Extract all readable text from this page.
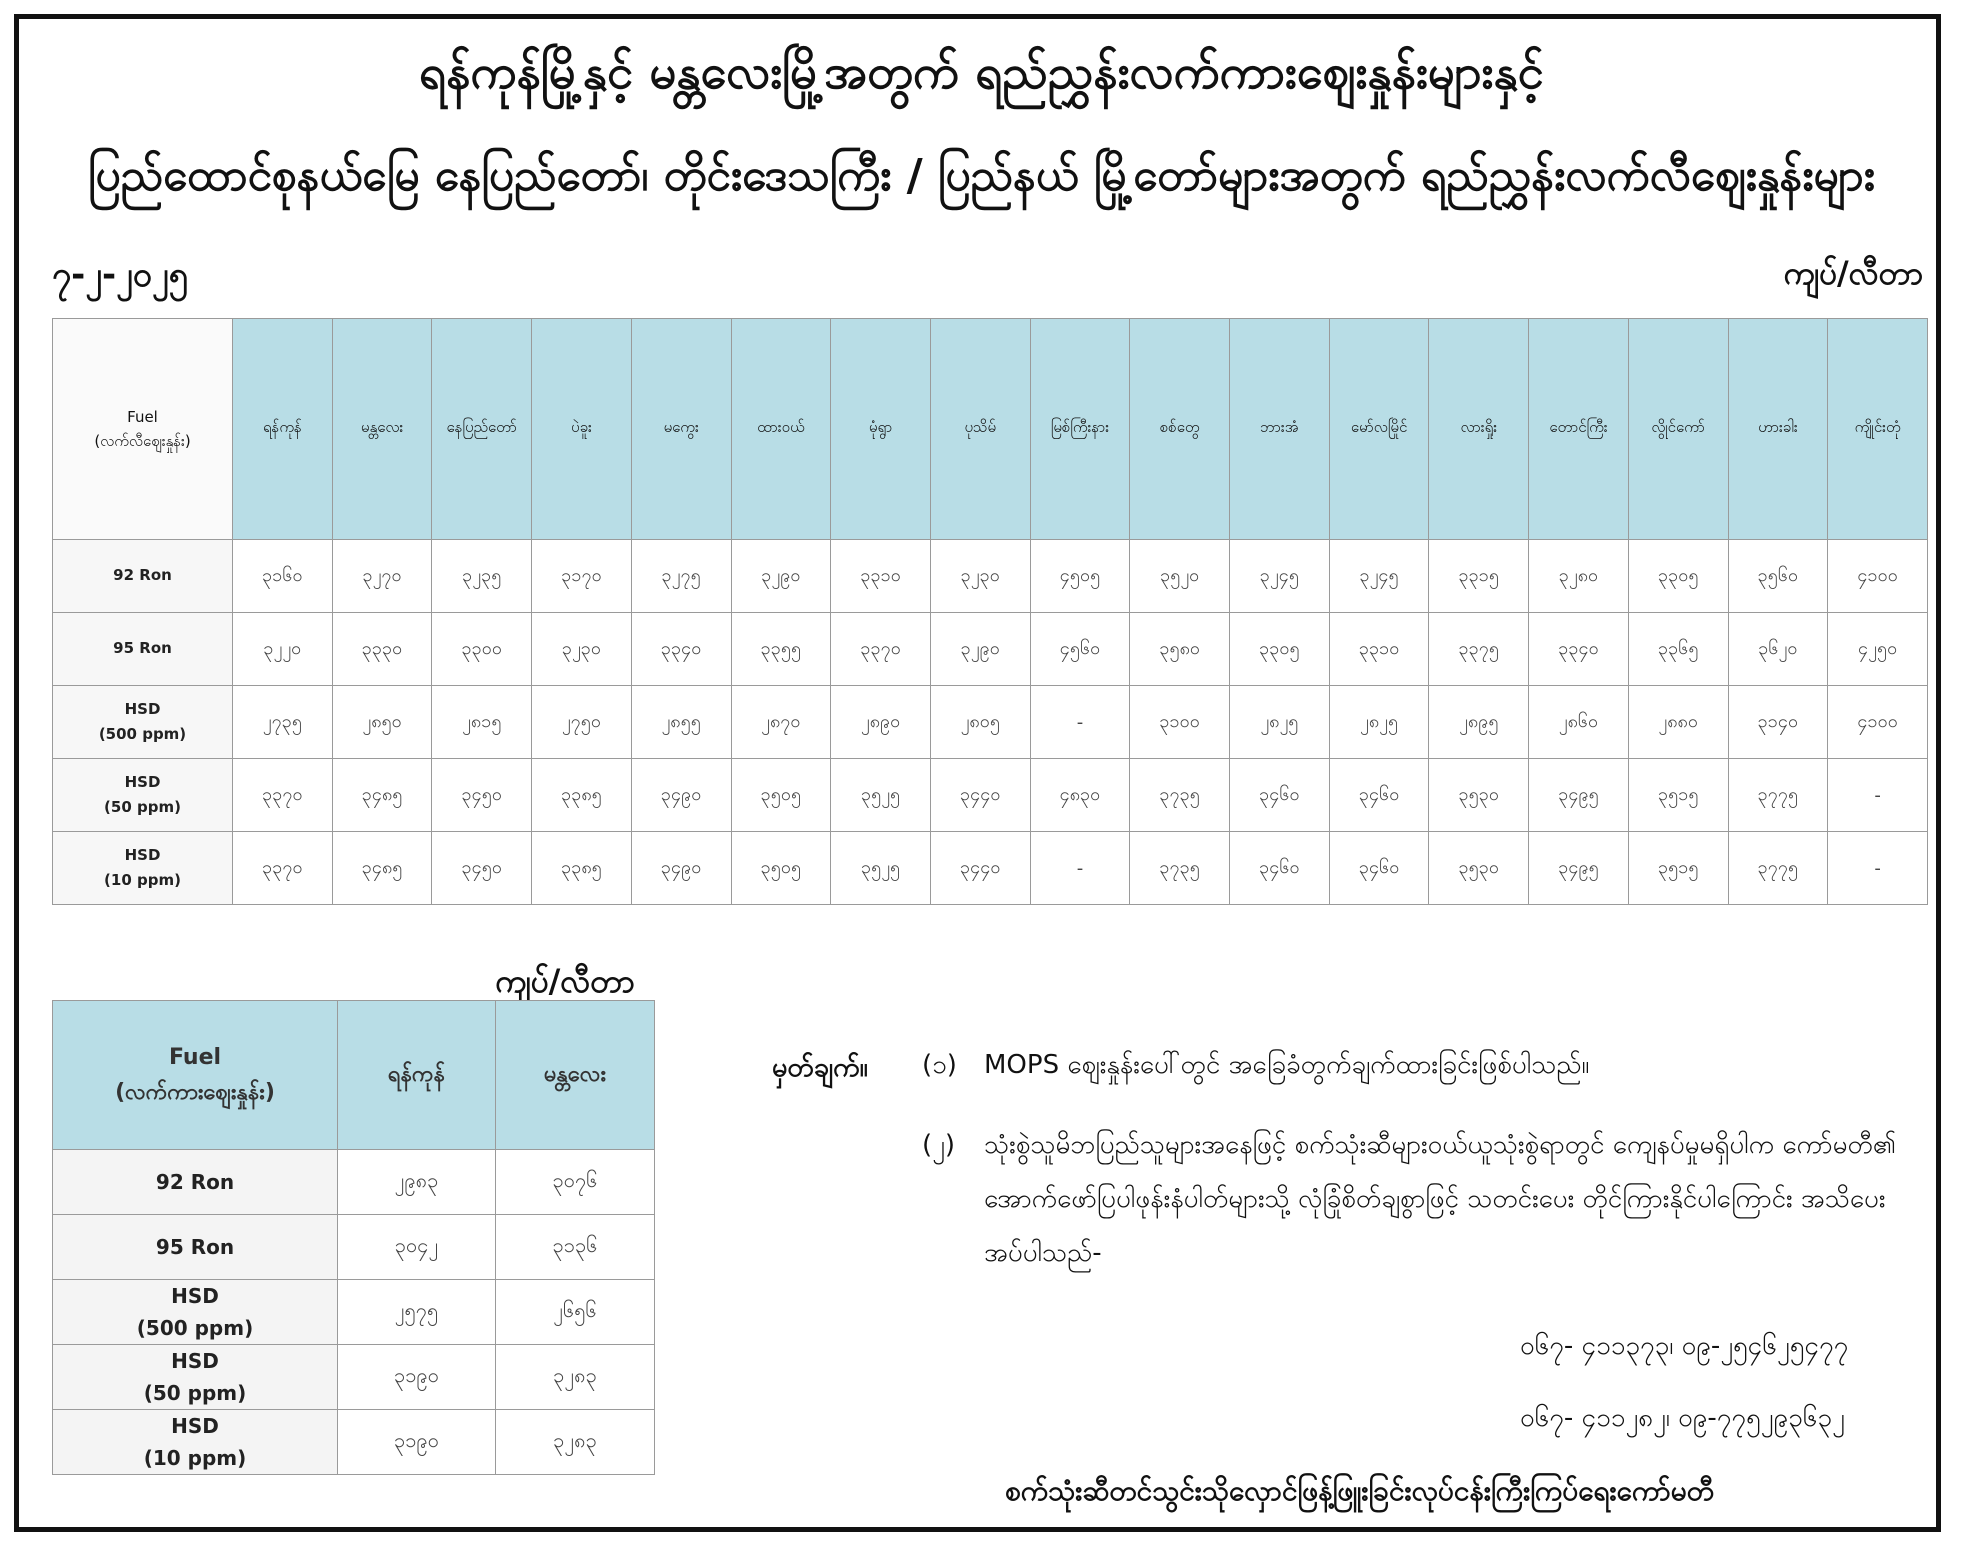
ရန်ကုန်မြို့နှင့် မန္တလေးမြို့အတွက် ရည်ညွှန်းလက်ကားဈေးနှုန်းများနှင့်
ပြည်ထောင်စုနယ်မြေ နေပြည်တော်၊ တိုင်းဒေသကြီး / ပြည်နယ် မြို့တော်များအတွက် ရည်ညွှန်းလက်လီဈေးနှုန်းများ
၇-၂-၂၀၂၅	ကျပ်/လီတာ
Fuel
(လက်လီဈေးနှုန်း)	ရန်ကုန်	မန္တလေး	နေပြည်တော်	ပဲခူး	မကွေး	ထားဝယ်	မုံရွာ	ပုသိမ်	မြစ်ကြီးနား	စစ်တွေ	ဘားအံ	မော်လမြိုင်	လားရှိုး	တောင်ကြီး	လွိုင်ကော်	ဟားခါး	ကျိုင်းတုံ
92 Ron	၃၁၆၀	၃၂၇၀	၃၂၃၅	၃၁၇၀	၃၂၇၅	၃၂၉၀	၃၃၁၀	၃၂၃၀	၄၅၀၅	၃၅၂၀	၃၂၄၅	၃၂၄၅	၃၃၁၅	၃၂၈၀	၃၃၀၅	၃၅၆၀	၄၁၀၀
95 Ron	၃၂၂၀	၃၃၃၀	၃၃၀၀	၃၂၃၀	၃၃၄၀	၃၃၅၅	၃၃၇၀	၃၂၉၀	၄၅၆၀	၃၅၈၀	၃၃၀၅	၃၃၁၀	၃၃၇၅	၃၃၄၀	၃၃၆၅	၃၆၂၀	၄၂၅၀
HSD
(500 ppm)	၂၇၃၅	၂၈၅၀	၂၈၁၅	၂၇၅၀	၂၈၅၅	၂၈၇၀	၂၈၉၀	၂၈၀၅	-	၃၁၀၀	၂၈၂၅	၂၈၂၅	၂၈၉၅	၂၈၆၀	၂၈၈၀	၃၁၄၀	၄၁၀၀
HSD
(50 ppm)	၃၃၇၀	၃၄၈၅	၃၄၅၀	၃၃၈၅	၃၄၉၀	၃၅၀၅	၃၅၂၅	၃၄၄၀	၄၈၃၀	၃၇၃၅	၃၄၆၀	၃၄၆၀	၃၅၃၀	၃၄၉၅	၃၅၁၅	၃၇၇၅	-
HSD
(10 ppm)	၃၃၇၀	၃၄၈၅	၃၄၅၀	၃၃၈၅	၃၄၉၀	၃၅၀၅	၃၅၂၅	၃၄၄၀	-	၃၇၃၅	၃၄၆၀	၃၄၆၀	၃၅၃၀	၃၄၉၅	၃၅၁၅	၃၇၇၅	-
ကျပ်/လီတာ
Fuel
(လက်ကားဈေးနှုန်း)	ရန်ကုန်	မန္တလေး
92 Ron	၂၉၈၃	၃၀၇၆
95 Ron	၃၀၄၂	၃၁၃၆
HSD
(500 ppm)	၂၅၇၅	၂၆၅၆
HSD
(50 ppm)	၃၁၉၀	၃၂၈၃
HSD
(10 ppm)	၃၁၉၀	၃၂၈၃
မှတ်ချက်။ (၁) MOPS ဈေးနှုန်းပေါ်တွင် အခြေခံတွက်ချက်ထားခြင်းဖြစ်ပါသည်။
(၂) သုံးစွဲသူမိဘပြည်သူများအနေဖြင့် စက်သုံးဆီများဝယ်ယူသုံးစွဲရာတွင် ကျေနပ်မှုမရှိပါက ကော်မတီ၏ အောက်ဖော်ပြပါဖုန်းနံပါတ်များသို့ လုံခြုံစိတ်ချစွာဖြင့် သတင်းပေး တိုင်ကြားနိုင်ပါကြောင်း အသိပေးအပ်ပါသည်-
၀၆၇- ၄၁၁၃၇၃၊ ၀၉-၂၅၄၆၂၅၄၇၇
၀၆၇- ၄၁၁၂၈၂၊ ၀၉-၇၇၅၂၉၃၆၃၂
စက်သုံးဆီတင်သွင်းသိုလှောင်ဖြန့်ဖြူးခြင်းလုပ်ငန်းကြီးကြပ်ရေးကော်မတီ
